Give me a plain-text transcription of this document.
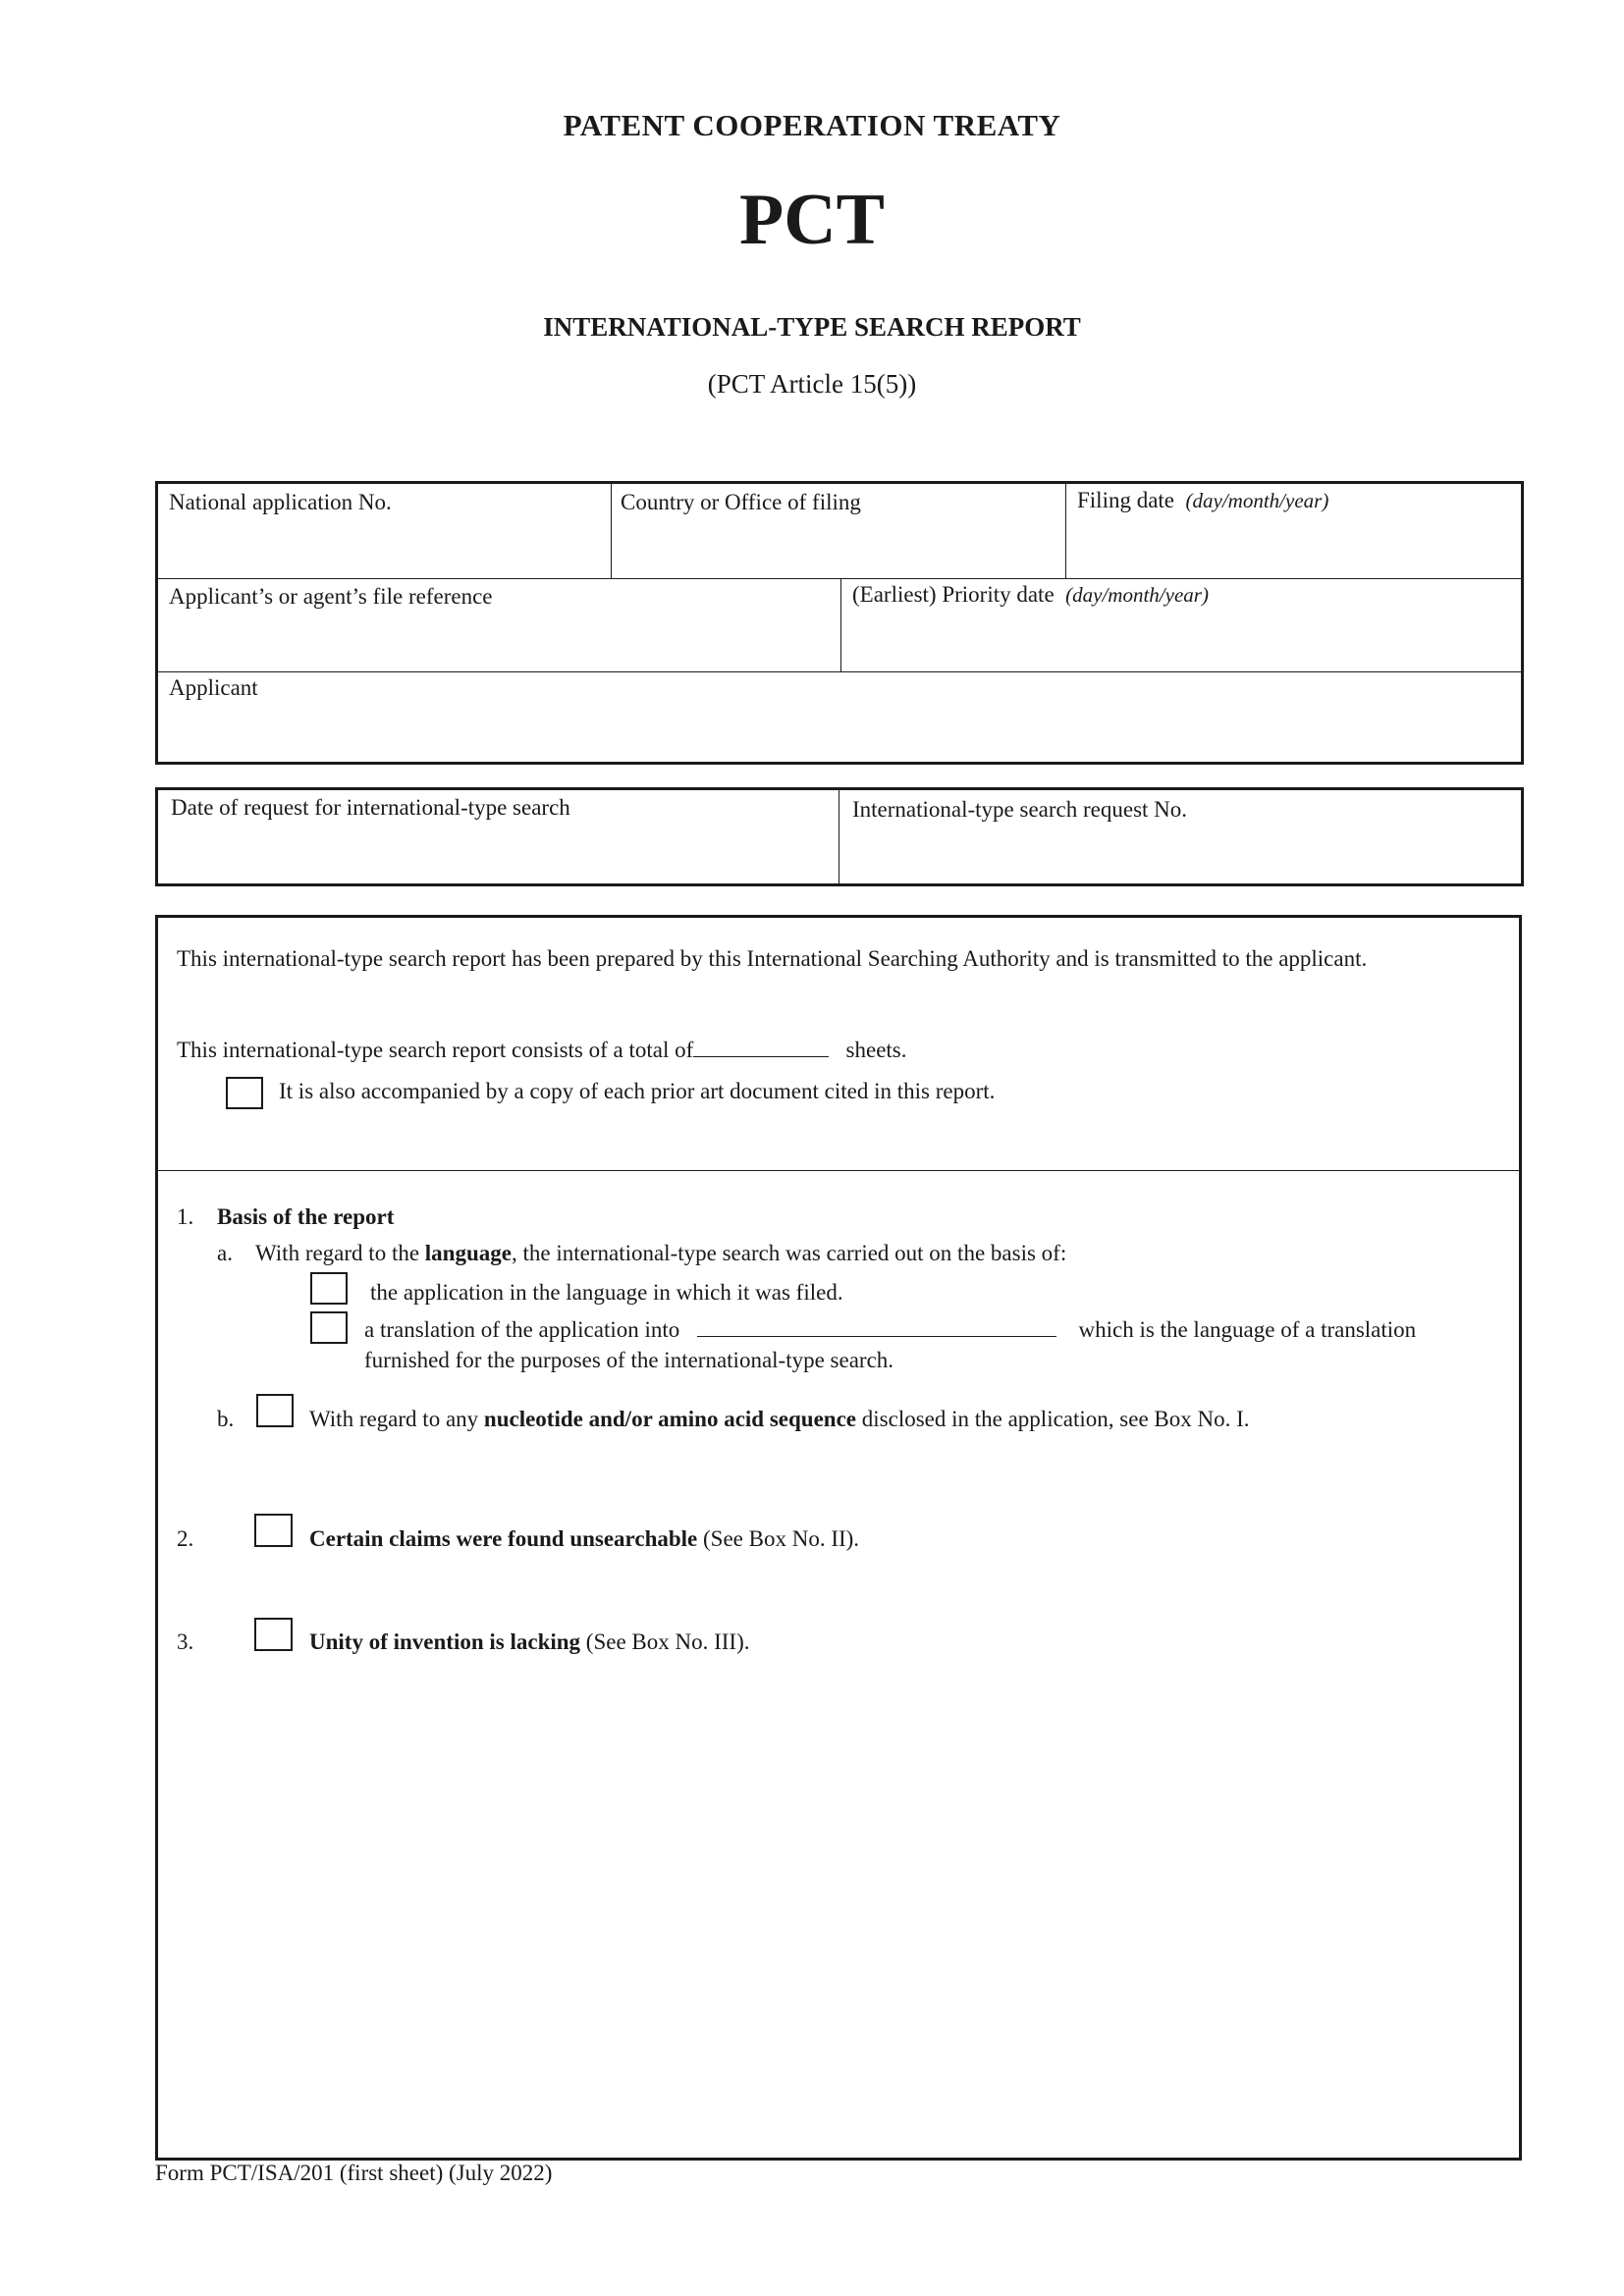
PATENT COOPERATION TREATY
PCT
INTERNATIONAL-TYPE SEARCH REPORT
(PCT Article 15(5))
National application No.	Country or Office of filing	Filing date (day/month/year)
Applicant’s or agent’s file reference	(Earliest) Priority date (day/month/year)
Applicant
Date of request for international-type search	International-type search request No.
This international-type search report has been prepared by this International Searching Authority and is transmitted to the applicant.
This international-type search report consists of a total of	sheets.
It is also accompanied by a copy of each prior art document cited in this report.
1. Basis of the report
a. With regard to the language, the international-type search was carried out on the basis of:
the application in the language in which it was filed.
a translation of the application into	which is the language of a translation
furnished for the purposes of the international-type search.
b.	With regard to any nucleotide and/or amino acid sequence disclosed in the application, see Box No. I.
2.	Certain claims were found unsearchable (See Box No. II).
3.	Unity of invention is lacking (See Box No. III).
Form PCT/ISA/201 (first sheet) (July 2022)
